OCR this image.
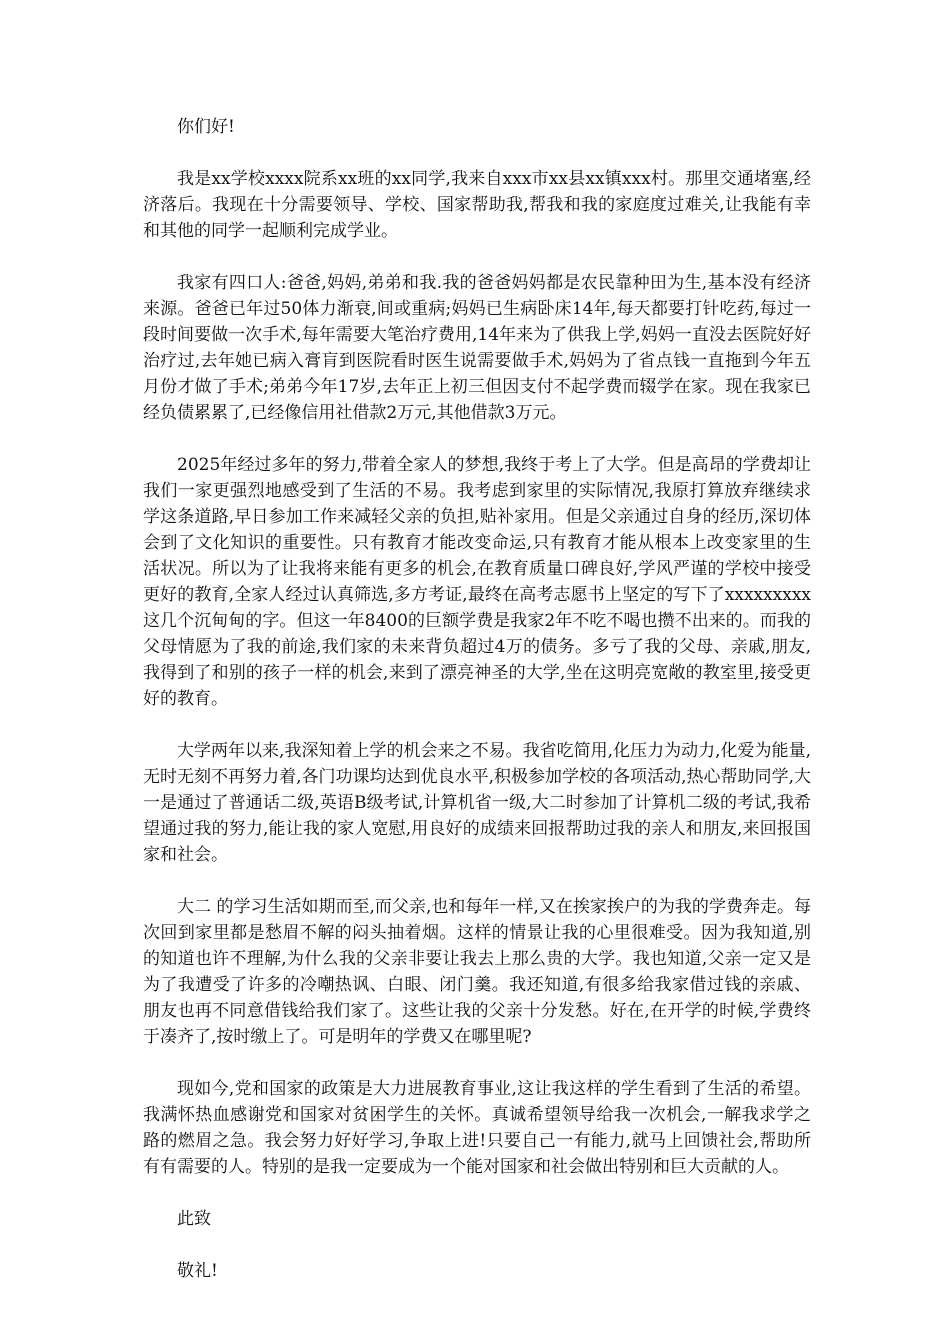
你们好!

我是xx学校xxxx院系xx班的xx同学,我来自xxx市xx县xx镇xxx村。那里交通堵塞,经济落后。我现在十分需要领导、学校、国家帮助我,帮我和我的家庭度过难关,让我能有幸和其他的同学一起顺利完成学业。

我家有四口人:爸爸,妈妈,弟弟和我.我的爸爸妈妈都是农民靠种田为生,基本没有经济来源。爸爸已年过50体力渐衰,间或重病;妈妈已生病卧床14年,每天都要打针吃药,每过一段时间要做一次手术,每年需要大笔治疗费用,14年来为了供我上学,妈妈一直没去医院好好治疗过,去年她已病入膏肓到医院看时医生说需要做手术,妈妈为了省点钱一直拖到今年五月份才做了手术;弟弟今年17岁,去年正上初三但因支付不起学费而辍学在家。现在我家已经负债累累了,已经像信用社借款2万元,其他借款3万元。

2025年经过多年的努力,带着全家人的梦想,我终于考上了大学。但是高昂的学费却让我们一家更强烈地感受到了生活的不易。我考虑到家里的实际情况,我原打算放弃继续求学这条道路,早日参加工作来减轻父亲的负担,贴补家用。但是父亲通过自身的经历,深切体会到了文化知识的重要性。只有教育才能改变命运,只有教育才能从根本上改变家里的生活状况。所以为了让我将来能有更多的机会,在教育质量口碑良好,学风严谨的学校中接受更好的教育,全家人经过认真筛选,多方考证,最终在高考志愿书上坚定的写下了xxxxxxxxx这几个沉甸甸的字。但这一年8400的巨额学费是我家2年不吃不喝也攒不出来的。而我的父母情愿为了我的前途,我们家的未来背负超过4万的债务。多亏了我的父母、亲戚,朋友,我得到了和别的孩子一样的机会,来到了漂亮神圣的大学,坐在这明亮宽敞的教室里,接受更好的教育。

大学两年以来,我深知着上学的机会来之不易。我省吃简用,化压力为动力,化爱为能量,无时无刻不再努力着,各门功课均达到优良水平,积极参加学校的各项活动,热心帮助同学,大一是通过了普通话二级,英语B级考试,计算机省一级,大二时参加了计算机二级的考试,我希望通过我的努力,能让我的家人宽慰,用良好的成绩来回报帮助过我的亲人和朋友,来回报国家和社会。

大二 的学习生活如期而至,而父亲,也和每年一样,又在挨家挨户的为我的学费奔走。每次回到家里都是愁眉不解的闷头抽着烟。这样的情景让我的心里很难受。因为我知道,别的知道也许不理解,为什么我的父亲非要让我去上那么贵的大学。我也知道,父亲一定又是为了我遭受了许多的冷嘲热讽、白眼、闭门羹。我还知道,有很多给我家借过钱的亲戚、朋友也再不同意借钱给我们家了。这些让我的父亲十分发愁。好在,在开学的时候,学费终于凑齐了,按时缴上了。可是明年的学费又在哪里呢?

现如今,党和国家的政策是大力进展教育事业,这让我这样的学生看到了生活的希望。我满怀热血感谢党和国家对贫困学生的关怀。真诚希望领导给我一次机会,一解我求学之路的燃眉之急。我会努力好好学习,争取上进!只要自己一有能力,就马上回馈社会,帮助所有有需要的人。特别的是我一定要成为一个能对国家和社会做出特别和巨大贡献的人。

此致

敬礼!
